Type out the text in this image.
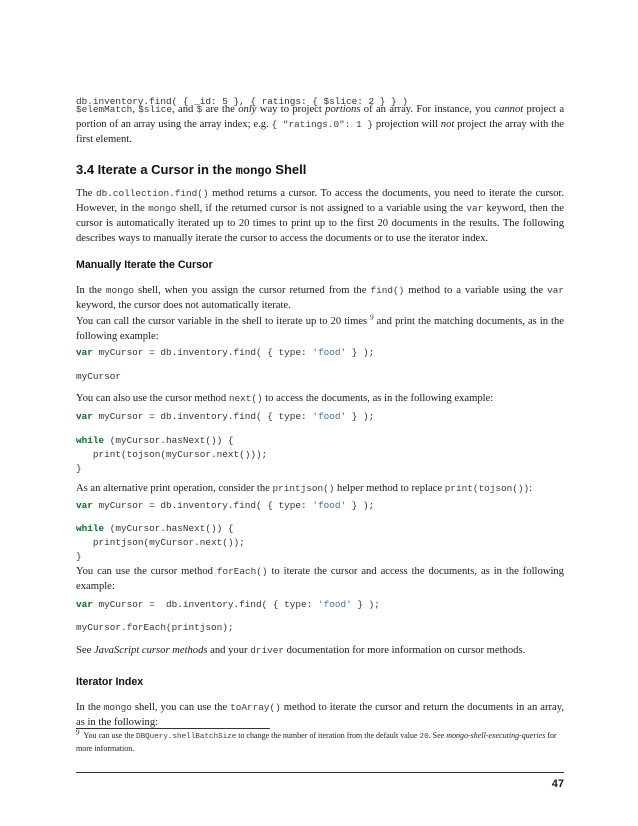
db.inventory.find( { _id: 5 }, { ratings: { $slice: 2 } } )

$elemMatch, $slice, and $ are the only way to project portions of an array. For instance, you cannot project a portion of an array using the array index; e.g. { "ratings.0": 1 } projection will not project the array with the first element.

3.4 Iterate a Cursor in the mongo Shell

The db.collection.find() method returns a cursor. To access the documents, you need to iterate the cursor. However, in the mongo shell, if the returned cursor is not assigned to a variable using the var keyword, then the cursor is automatically iterated up to 20 times to print up to the first 20 documents in the results. The following describes ways to manually iterate the cursor to access the documents or to use the iterator index.

Manually Iterate the Cursor

In the mongo shell, when you assign the cursor returned from the find() method to a variable using the var keyword, the cursor does not automatically iterate.

You can call the cursor variable in the shell to iterate up to 20 times $^9$ and print the matching documents, as in the following example:

var myCursor = db.inventory.find( { type: 'food' } );
myCursor

You can also use the cursor method next() to access the documents, as in the following example:

var myCursor = db.inventory.find( { type: 'food' } );

while (myCursor.hasNext()) {
print(tojson(myCursor.next()));
}

As an alternative print operation, consider the printjson() helper method to replace print(tojson()):

var myCursor = db.inventory.find( { type: 'food' } );
while (myCursor.hasNext()) {
printjson(myCursor.next());
}

You can use the cursor method forEach() to iterate the cursor and access the documents, as in the following example:

var myCursor =  db.inventory.find( { type: 'food' } );
myCursor.forEach(printjson);

See JavaScript cursor methods and your driver documentation for more information on cursor methods.

Iterator Index

In the mongo shell, you can use the toArray() method to iterate the cursor and return the documents in an array, as in the following:

$^9$ You can use the DBQuery.shellBatchSize to change the number of iteration from the default value 20. See mongo-shell-executing-queries for more information.

47
